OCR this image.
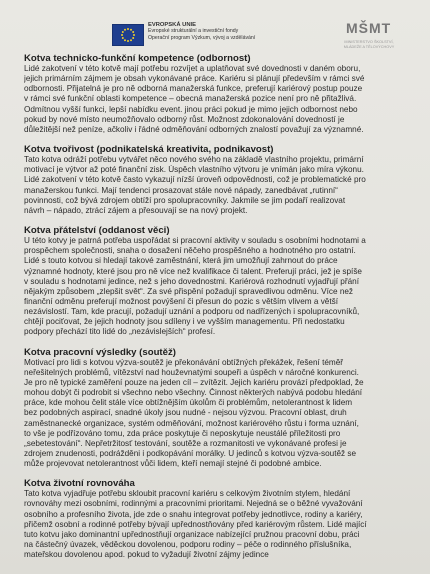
EVROPSKÁ UNIE
Evropské strukturální a investiční fondy
Operační program Výzkum, vývoj a vzdělávání
MŠMT
MINISTERSTVO ŠKOLSTVÍ,
MLÁDEŽE A TĚLOVÝCHOVY
Kotva technicko-funkční kompetence (odbornost)
Lidé zakotvení v této kotvě mají potřebu rozvíjet a uplatňovat své dovednosti v daném oboru,
jejich primárním zájmem je obsah vykonávané práce. Kariéru si plánují především v rámci své
odbornosti. Přijatelná je pro ně odborná manažerská funkce, preferují kariérový postup pouze
v rámci své funkční oblasti kompetence – obecná manažerská pozice není pro ně přitažlivá.
Odmítnou vyšší funkci, lepší nabídku event. jinou práci pokud je mimo jejich odbornost nebo
pokud by nové místo neumožňovalo odborný růst. Možnost zdokonalování dovedností je
důležitější než peníze, ačkoliv i řádné odměňování odborných znalostí považují za významné.
Kotva tvořivost (podnikatelská kreativita, podnikavost)
Tato kotva odráží potřebu vytvářet něco nového svého na základě vlastního projektu, primární
motivací je výtvor až poté finanční zisk. Úspěch vlastního výtvoru je vnímán jako míra výkonu.
Lidé zakotvení v této kotvě často vykazují nízší úroveň odpovědnosti, což je problematické pro
manažerskou funkci. Mají tendenci prosazovat stále nové nápady, zanedbávat „rutinní“
povinnosti, což bývá zdrojem obtíží pro spolupracovníky. Jakmile se jim podaří realizovat
návrh – nápado, ztrácí zájem a přesouvají se na nový projekt.
Kotva přátelství (oddanost věci)
U této kotvy je patrná potřeba uspořádat si pracovní aktivity v souladu s osobními hodnotami a
prospěchem společnosti, snaha o dosažení něčeho prospěšného a hodnotného pro ostatní.
Lidé s touto kotvou si hledají takové zaměstnání, která jim umožňují zahrnout do práce
významné hodnoty, které jsou pro ně více než kvalifikace či talent. Preferují práci, jež je spíše
v souladu s hodnotami jedince, než s jeho dovednostmi. Kariérová rozhodnutí vyjadřují přání
nějakým způsobem „zlepšit svět“. Za své přispění požadují spravedlivou odměnu. Více než
finanční odměnu preferují možnost povýšení či přesun do pozic s větším vlivem a větší
nezávislostí. Tam, kde pracují, požadují uznání a podporu od nadřízených i spolupracovníků,
chtějí pociťovat, že jejich hodnoty jsou sdíleny i ve vyšším managementu. Při nedostatku
podpory přechází tito lidé do „nezávislejších“ profesí.
Kotva pracovní výsledky (soutěž)
Motivací pro lidi s kotvou výzva-soutěž je překonávání obtížných překážek, řešení téměř
neřešitelných problémů, vítězství nad houževnatými soupeři a úspěch v náročné konkurenci.
Je pro ně typické zaměření pouze na jeden cíl – zvítězit. Jejich kariéru provází předpoklad, že
mohou dobýt či podrobit si všechno nebo všechny. Činnost některých nabývá podobu hledání
práce, kde mohou čelit stále více obtížnějším úkolům či problémům, netolerantnost k lidem
bez podobných aspirací, snadné úkoly jsou nudné - nejsou výzvou. Pracovní oblast, druh
zaměstnanecké organizace, systém odměňování, možnost kariérového růstu i forma uznání,
to vše je podřízováno tomu, zda práce poskytuje či neposkytuje neustálé příležitosti pro
„sebetestování“. Nepřetržitosť testování, soutěže a rozmanitosti ve vykonávané profesi je
zdrojem znudenosti, podrážděni i podkopávání morálky. U jedinců s kotvou výzva-soutěž se
může projevovat netolerantnost vůči lidem, kteří nemají stejné či podobné ambice.
Kotva životní rovnováha
Tato kotva vyjadřuje potřebu skloubit pracovní kariéru s celkovým životním stylem, hledání
rovnováhy mezi osobními, rodinnými a pracovními prioritami. Nejedná se o běžné vyvažování
osobního a profesního života, jde zde o snahu integrovat potřeby jednotlivce, rodiny a kariéry,
přičemž osobní a rodinné potřeby bývají upřednostňovány před kariérovým růstem. Lidé mající
tuto kotvu jako dominantní upřednostňují organizace nabízející pružnou pracovní dobu, práci
na částečný úvazek, věděckou dovolenou, podporu rodiny – péče o rodinného příslušníka,
mateřskou dovolenou apod. pokud to vyžadují životní zájmy jedince
